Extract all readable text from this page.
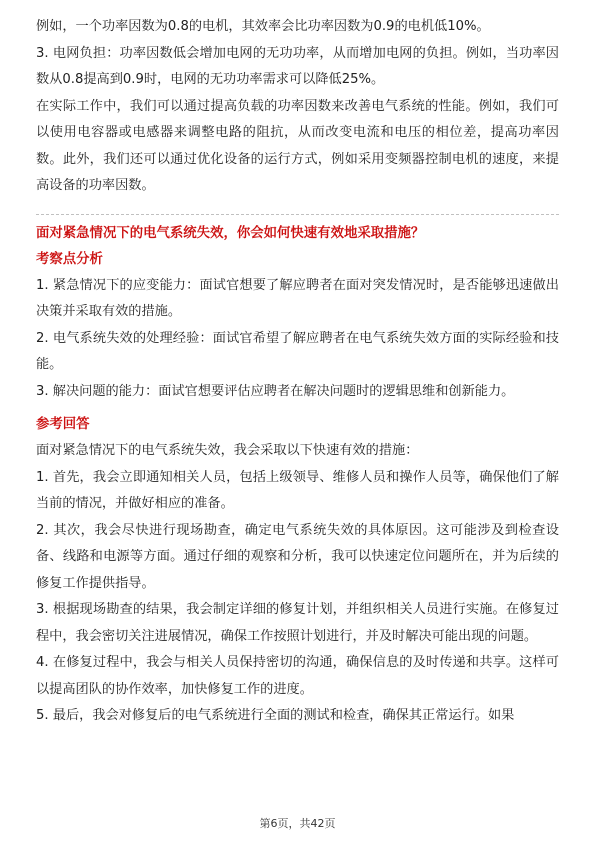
例如，一个功率因数为0.8的电机，其效率会比功率因数为0.9的电机低10%。

3. 电网负担：功率因数低会增加电网的无功功率，从而增加电网的负担。例如，当功率因数从0.8提高到0.9时，电网的无功功率需求可以降低25%。

在实际工作中，我们可以通过提高负载的功率因数来改善电气系统的性能。例如，我们可以使用电容器或电感器来调整电路的阻抗，从而改变电流和电压的相位差，提高功率因数。此外，我们还可以通过优化设备的运行方式，例如采用变频器控制电机的速度，来提高设备的功率因数。

面对紧急情况下的电气系统失效，你会如何快速有效地采取措施？
考察点分析

1. 紧急情况下的应变能力：面试官想要了解应聘者在面对突发情况时，是否能够迅速做出决策并采取有效的措施。

2. 电气系统失效的处理经验：面试官希望了解应聘者在电气系统失效方面的实际经验和技能。

3. 解决问题的能力：面试官想要评估应聘者在解决问题时的逻辑思维和创新能力。

参考回答

面对紧急情况下的电气系统失效，我会采取以下快速有效的措施：

1. 首先，我会立即通知相关人员，包括上级领导、维修人员和操作人员等，确保他们了解当前的情况，并做好相应的准备。

2. 其次，我会尽快进行现场勘查，确定电气系统失效的具体原因。这可能涉及到检查设备、线路和电源等方面。通过仔细的观察和分析，我可以快速定位问题所在，并为后续的修复工作提供指导。

3. 根据现场勘查的结果，我会制定详细的修复计划，并组织相关人员进行实施。在修复过程中，我会密切关注进展情况，确保工作按照计划进行，并及时解决可能出现的问题。

4. 在修复过程中，我会与相关人员保持密切的沟通，确保信息的及时传递和共享。这样可以提高团队的协作效率，加快修复工作的进度。

5. 最后，我会对修复后的电气系统进行全面的测试和检查，确保其正常运行。如果

第6页，共42页
